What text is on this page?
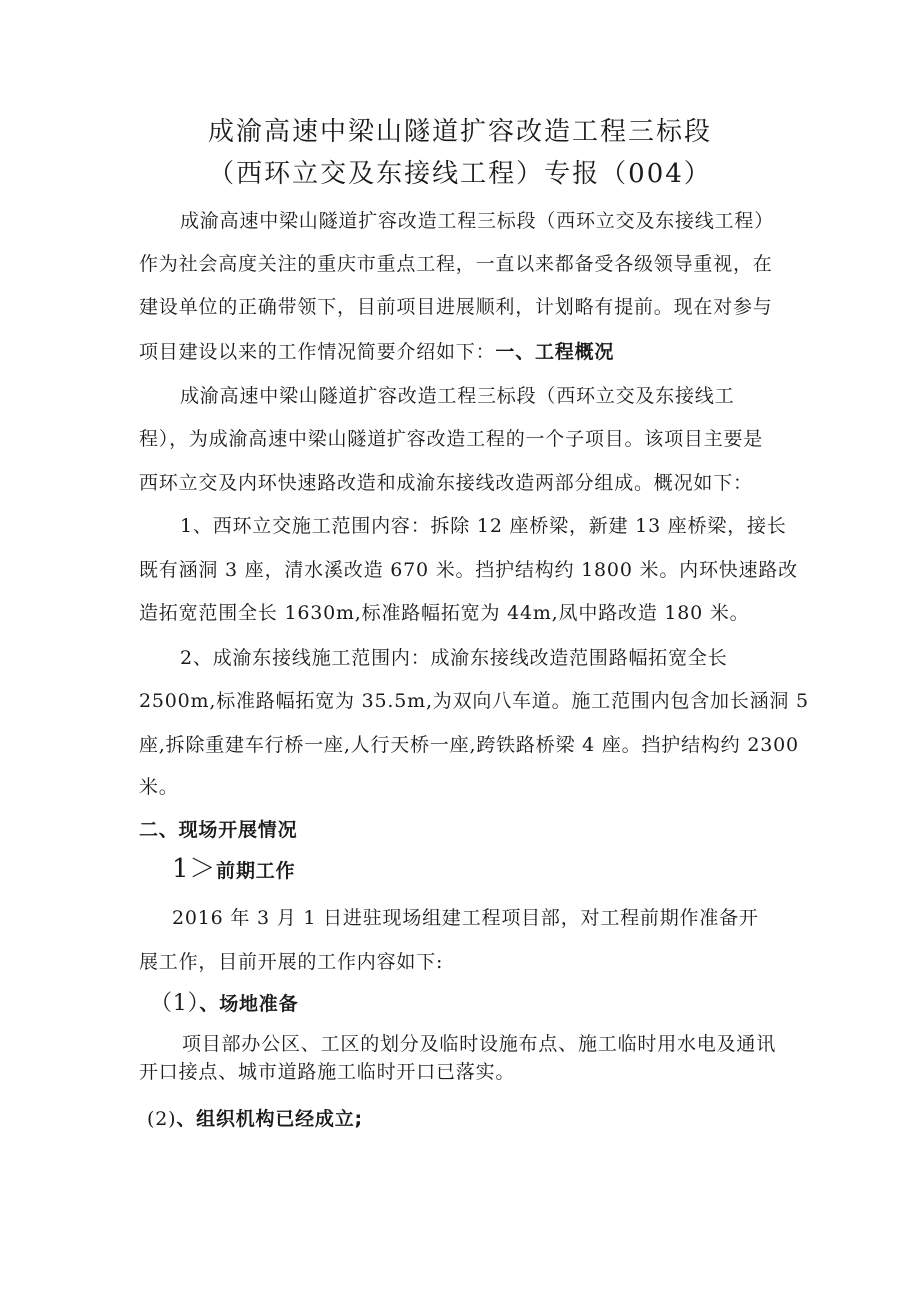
成渝高速中梁山隧道扩容改造工程三标段
（西环立交及东接线工程）专报（004）
成渝高速中梁山隧道扩容改造工程三标段（西环立交及东接线工程）
作为社会高度关注的重庆市重点工程，一直以来都备受各级领导重视，在
建设单位的正确带领下，目前项目进展顺利，计划略有提前。现在对参与
项目建设以来的工作情况简要介绍如下：一、工程概况
成渝高速中梁山隧道扩容改造工程三标段（西环立交及东接线工
程），为成渝高速中梁山隧道扩容改造工程的一个子项目。该项目主要是
西环立交及内环快速路改造和成渝东接线改造两部分组成。概况如下：
1、西环立交施工范围内容：拆除 12 座桥梁，新建 13 座桥梁，接长
既有涵洞 3 座，清水溪改造 670 米。挡护结构约 1800 米。内环快速路改
造拓宽范围全长 1630m,标准路幅拓宽为 44m,凤中路改造 180 米。
2、成渝东接线施工范围内：成渝东接线改造范围路幅拓宽全长
2500m,标准路幅拓宽为 35.5m,为双向八车道。施工范围内包含加长涵洞 5
座,拆除重建车行桥一座,人行天桥一座,跨铁路桥梁 4 座。挡护结构约 2300
米。
二、现场开展情况
1＞前期工作
2016 年 3 月 1 日进驻现场组建工程项目部，对工程前期作准备开
展工作，目前开展的工作内容如下:
（1）、场地准备
项目部办公区、工区的划分及临时设施布点、施工临时用水电及通讯
开口接点、城市道路施工临时开口已落实。
(2)、组织机构已经成立;
